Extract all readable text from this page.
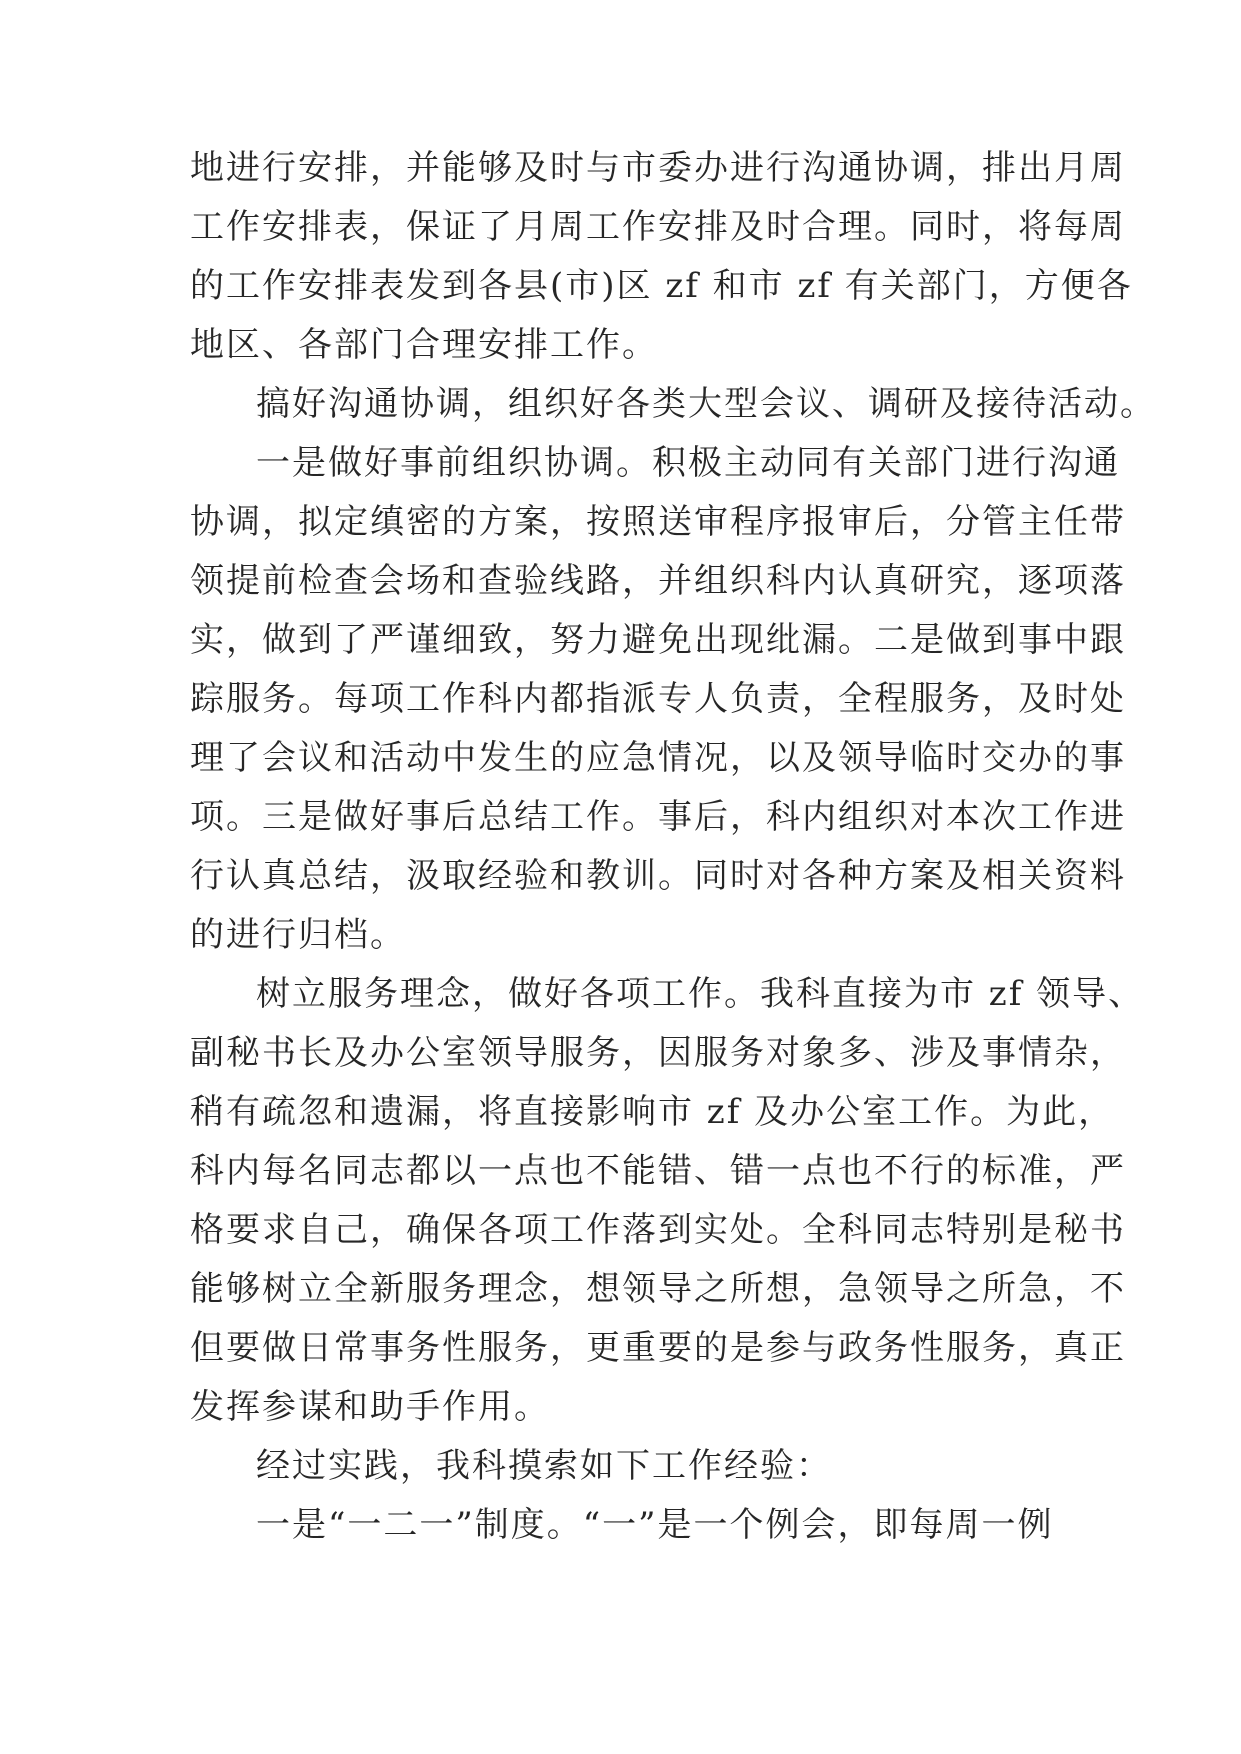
地进行安排，并能够及时与市委办进行沟通协调，排出月周
工作安排表，保证了月周工作安排及时合理。同时，将每周
的工作安排表发到各县(市)区 zf 和市 zf 有关部门，方便各
地区、各部门合理安排工作。
搞好沟通协调，组织好各类大型会议、调研及接待活动。
一是做好事前组织协调。积极主动同有关部门进行沟通
协调，拟定缜密的方案，按照送审程序报审后，分管主任带
领提前检查会场和查验线路，并组织科内认真研究，逐项落
实，做到了严谨细致，努力避免出现纰漏。二是做到事中跟
踪服务。每项工作科内都指派专人负责，全程服务，及时处
理了会议和活动中发生的应急情况，以及领导临时交办的事
项。三是做好事后总结工作。事后，科内组织对本次工作进
行认真总结，汲取经验和教训。同时对各种方案及相关资料
的进行归档。
树立服务理念，做好各项工作。我科直接为市 zf 领导、
副秘书长及办公室领导服务，因服务对象多、涉及事情杂，
稍有疏忽和遗漏，将直接影响市 zf 及办公室工作。为此，
科内每名同志都以一点也不能错、错一点也不行的标准，严
格要求自己，确保各项工作落到实处。全科同志特别是秘书
能够树立全新服务理念，想领导之所想，急领导之所急，不
但要做日常事务性服务，更重要的是参与政务性服务，真正
发挥参谋和助手作用。
经过实践，我科摸索如下工作经验：
一是“一二一”制度。“一”是一个例会，即每周一例
